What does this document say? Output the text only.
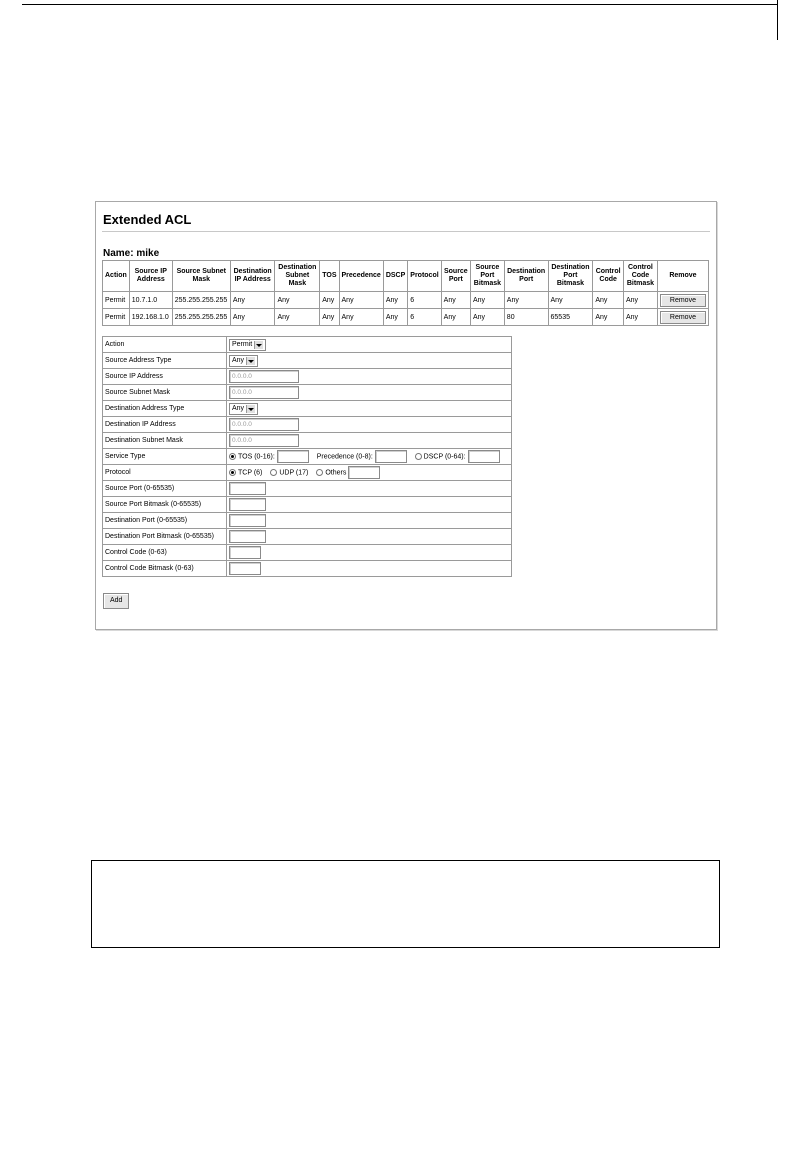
Extended ACL
Name: mike
Action	Source IP Address	Source Subnet Mask	Destination IP Address	Destination Subnet Mask	TOS	Precedence	DSCP	Protocol	Source Port	Source Port Bitmask	Destination Port	Destination Port Bitmask	Control Code	Control Code Bitmask	Remove
Permit	10.7.1.0	255.255.255.255	Any	Any	Any	Any	Any	6	Any	Any	Any	Any	Any	Any	Remove
Permit	192.168.1.0	255.255.255.255	Any	Any	Any	Any	Any	6	Any	Any	80	65535	Any	Any	Remove
Action	Permit
Source Address Type	Any
Source IP Address	0.0.0.0
Source Subnet Mask	0.0.0.0
Destination Address Type	Any
Destination IP Address	0.0.0.0
Destination Subnet Mask	0.0.0.0
Service Type	TOS (0-16): Precedence (0-8): DSCP (0-64):
Protocol	TCP (6) UDP (17) Others
Source Port (0-65535)	
Source Port Bitmask (0-65535)	
Destination Port (0-65535)	
Destination Port Bitmask (0-65535)	
Control Code (0-63)	
Control Code Bitmask (0-63)	
Add
